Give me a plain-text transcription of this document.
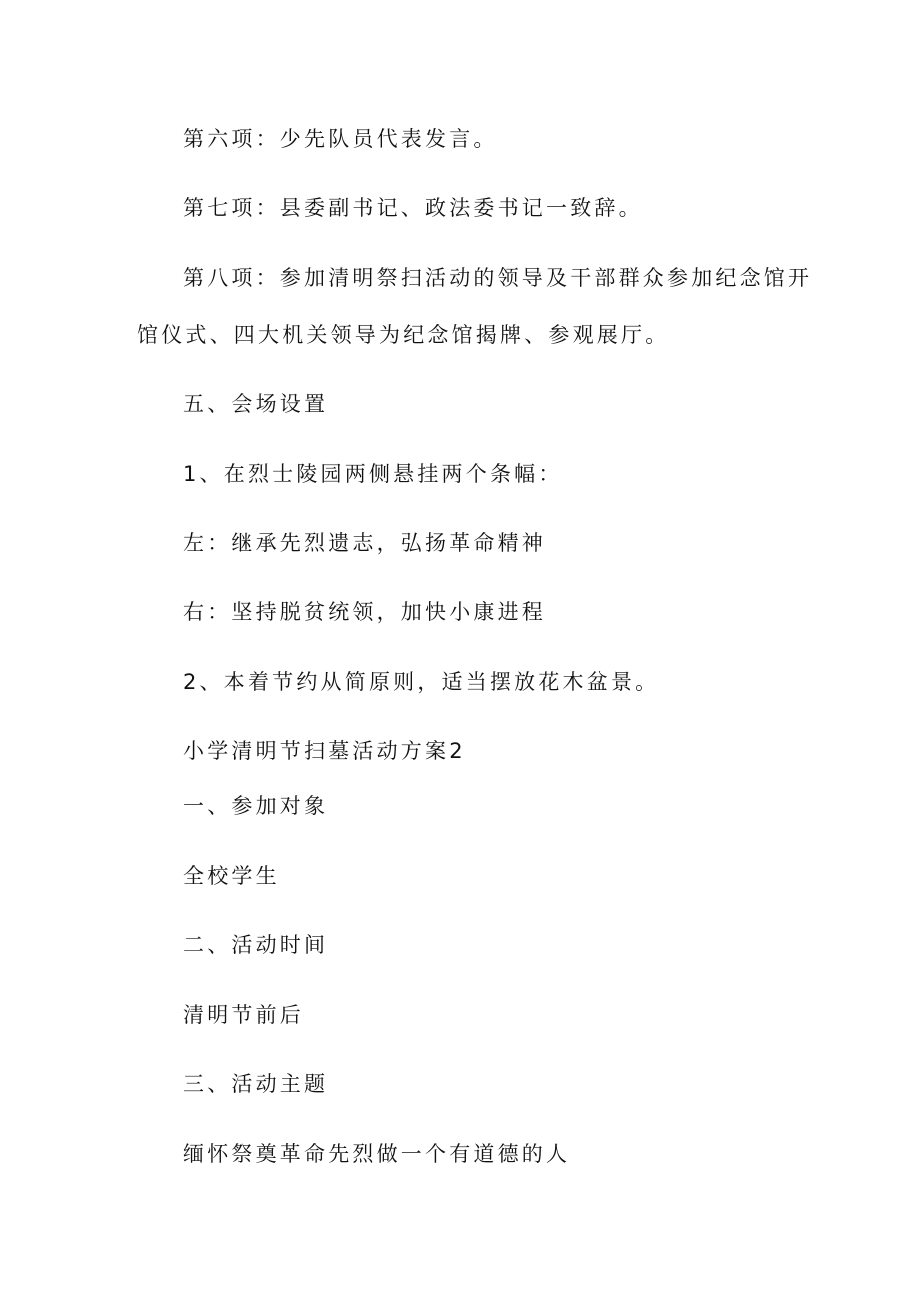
第六项：少先队员代表发言。
第七项：县委副书记、政法委书记一致辞。
第八项：参加清明祭扫活动的领导及干部群众参加纪念馆开
馆仪式、四大机关领导为纪念馆揭牌、参观展厅。
五、会场设置
1、在烈士陵园两侧悬挂两个条幅：
左：继承先烈遗志，弘扬革命精神
右：坚持脱贫统领，加快小康进程
2、本着节约从简原则，适当摆放花木盆景。
小学清明节扫墓活动方案2
一、参加对象
全校学生
二、活动时间
清明节前后
三、活动主题
缅怀祭奠革命先烈做一个有道德的人
